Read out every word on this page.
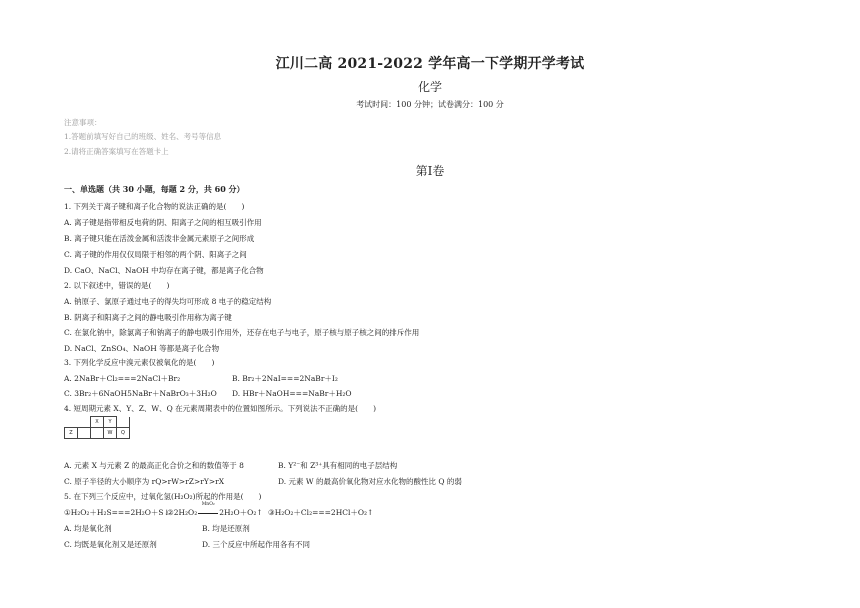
江川二高 2021-2022 学年高一下学期开学考试
化学
考试时间：100 分钟；试卷满分：100 分
注意事项：
1.答题前填写好自己的班级、姓名、考号等信息
2.请将正确答案填写在答题卡上
第Ⅰ卷
一、单选题（共 30 小题，每题 2 分，共 60 分）
1. 下列关于离子键和离子化合物的说法正确的是(　　)
A. 离子键是指带相反电荷的阴、阳离子之间的相互吸引作用
B. 离子键只能在活泼金属和活泼非金属元素原子之间形成
C. 离子键的作用仅仅局限于相邻的两个阴、阳离子之间
D. CaO、NaCl、NaOH 中均存在离子键，都是离子化合物
2. 以下叙述中，错误的是(　　)
A. 钠原子、氯原子通过电子的得失均可形成 8 电子的稳定结构
B. 阴离子和阳离子之间的静电吸引作用称为离子键
C. 在氯化钠中，除氯离子和钠离子的静电吸引作用外，还存在电子与电子，原子核与原子核之间的排斥作用
D. NaCl、ZnSO₄、NaOH 等都是离子化合物
3. 下列化学反应中溴元素仅被氧化的是(　　)
A. 2NaBr＋Cl₂===2NaCl＋Br₂	B. Br₂＋2NaI===2NaBr＋I₂
C. 3Br₂＋6NaOH5NaBr＋NaBrO₃＋3H₂O D. HBr＋NaOH===NaBr＋H₂O
4. 短周期元素 X、Y、Z、W、Q 在元素周期表中的位置如图所示。下列说法不正确的是(　　)
		X	Y	
Z			W	Q
A. 元素 X 与元素 Z 的最高正化合价之和的数值等于 8	B. Y²⁻和 Z³⁺具有相同的电子层结构
C. 原子半径的大小顺序为 rQ>rW>rZ>rY>rX	D. 元素 W 的最高价氧化物对应水化物的酸性比 Q 的弱
5. 在下列三个反应中，过氧化氢(H₂O₂)所起的作用是(　　)
①H₂O₂＋H₂S===2H₂O＋S↓
②2H₂O₂
MnO₂
2H₂O＋O₂↑ ③H₂O₂＋Cl₂===2HCl＋O₂↑
A. 均是氧化剂	B. 均是还原剂
C. 均既是氧化剂又是还原剂	D. 三个反应中所起作用各有不同
